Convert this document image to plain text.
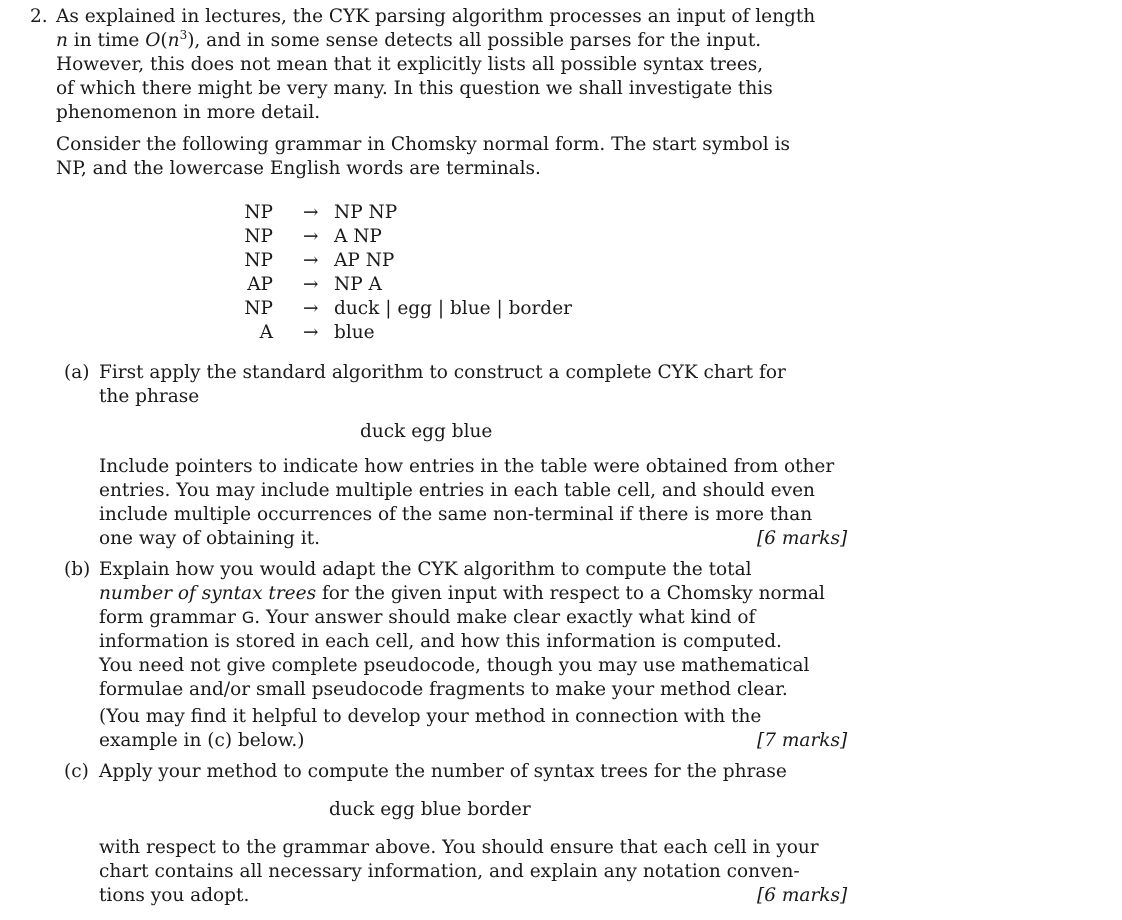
2. As explained in lectures, the CYK parsing algorithm processes an input of length
n in time $O(n^3)$, and in some sense detects all possible parses for the input.
However, this does not mean that it explicitly lists all possible syntax trees,
of which there might be very many. In this question we shall investigate this
phenomenon in more detail.
Consider the following grammar in Chomsky normal form. The start symbol is
NP, and the lowercase English words are terminals.
NP → NP NP
NP → A NP
NP → AP NP
AP → NP A
NP → duck | egg | blue | border
A → blue
(a) First apply the standard algorithm to construct a complete CYK chart for
the phrase
duck egg blue
Include pointers to indicate how entries in the table were obtained from other
entries. You may include multiple entries in each table cell, and should even
include multiple occurrences of the same non-terminal if there is more than
one way of obtaining it.	[6 marks]
(b) Explain how you would adapt the CYK algorithm to compute the total
number of syntax trees for the given input with respect to a Chomsky normal
form grammar G. Your answer should make clear exactly what kind of
information is stored in each cell, and how this information is computed.
You need not give complete pseudocode, though you may use mathematical
formulae and/or small pseudocode fragments to make your method clear.
(You may find it helpful to develop your method in connection with the
example in (c) below.)	[7 marks]
(c) Apply your method to compute the number of syntax trees for the phrase
duck egg blue border
with respect to the grammar above. You should ensure that each cell in your
chart contains all necessary information, and explain any notation conven-
tions you adopt.	[6 marks]
